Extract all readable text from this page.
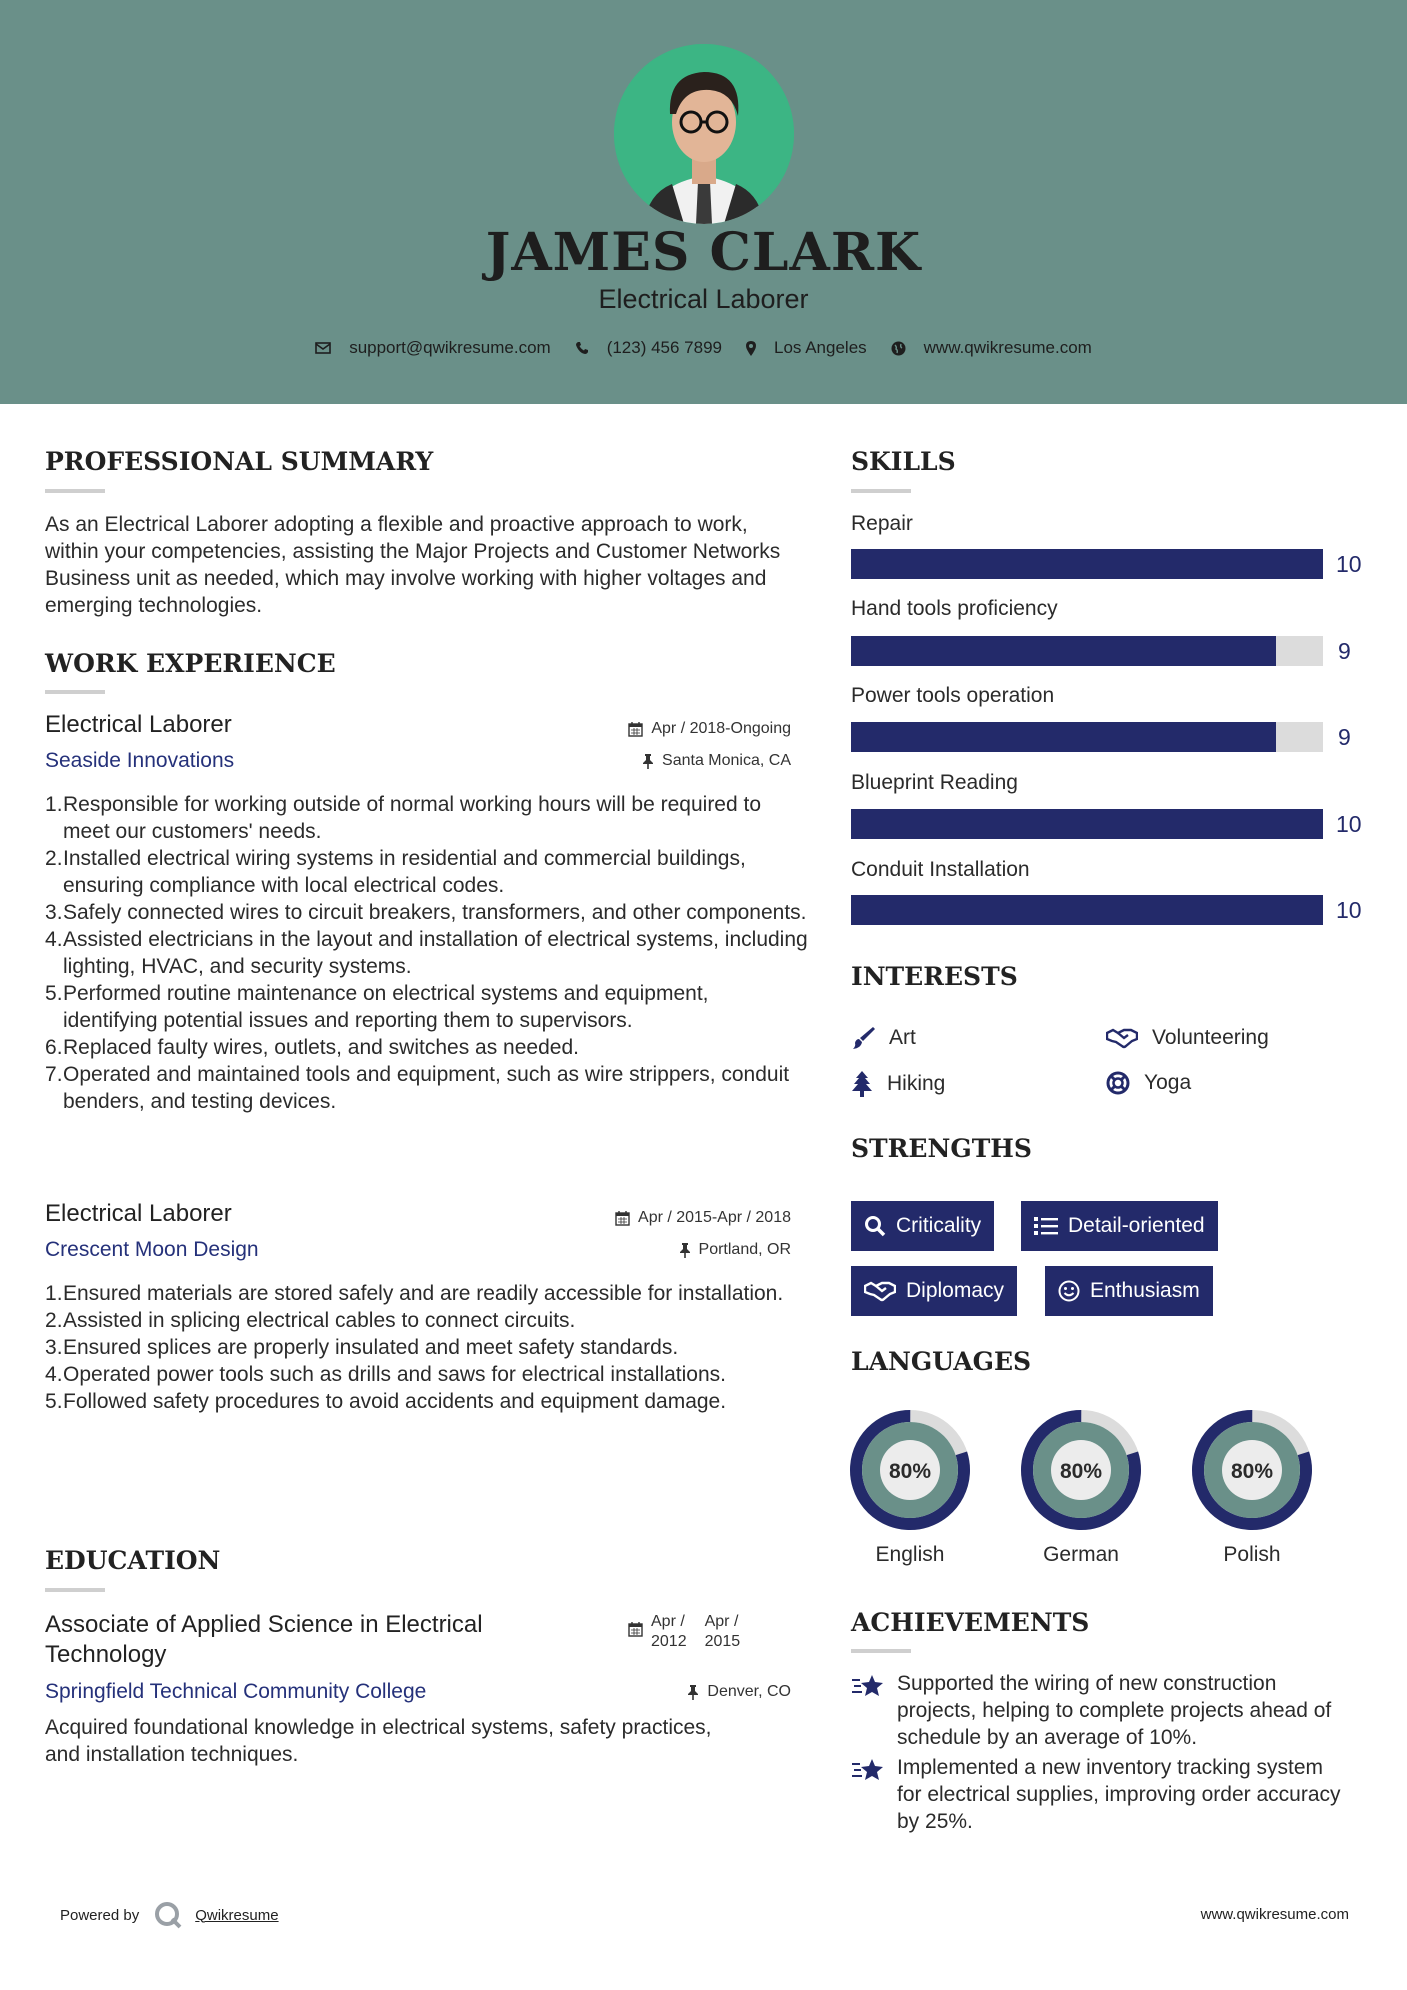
JAMES CLARK
Electrical Laborer
support@qwikresume.com	(123) 456 7899	Los Angeles	www.qwikresume.com
PROFESSIONAL SUMMARY
As an Electrical Laborer adopting a flexible and proactive approach to work, within your competencies, assisting the Major Projects and Customer Networks Business unit as needed, which may involve working with higher voltages and emerging technologies.
WORK EXPERIENCE
Electrical Laborer	Apr / 2018-Ongoing
Seaside Innovations	Santa Monica, CA
Responsible for working outside of normal working hours will be required to meet our customers' needs.
Installed electrical wiring systems in residential and commercial buildings, ensuring compliance with local electrical codes.
Safely connected wires to circuit breakers, transformers, and other components.
Assisted electricians in the layout and installation of electrical systems, including lighting, HVAC, and security systems.
Performed routine maintenance on electrical systems and equipment, identifying potential issues and reporting them to supervisors.
Replaced faulty wires, outlets, and switches as needed.
Operated and maintained tools and equipment, such as wire strippers, conduit benders, and testing devices.
Electrical Laborer	Apr / 2015-Apr / 2018
Crescent Moon Design	Portland, OR
Ensured materials are stored safely and are readily accessible for installation.
Assisted in splicing electrical cables to connect circuits.
Ensured splices are properly insulated and meet safety standards.
Operated power tools such as drills and saws for electrical installations.
Followed safety procedures to avoid accidents and equipment damage.
EDUCATION
Associate of Applied Science in Electrical
Technology
Apr /
2012
Apr /
2015
Springfield Technical Community College	Denver, CO
Acquired foundational knowledge in electrical systems, safety practices, and installation techniques.
SKILLS
Repair
10
Hand tools proficiency
9
Power tools operation
9
Blueprint Reading
10
Conduit Installation
10
INTERESTS
Art	Volunteering
Hiking	Yoga
STRENGTHS
Criticality	Detail-oriented
Diplomacy	Enthusiasm
LANGUAGES
80%
English
80%
German
80%
Polish
ACHIEVEMENTS
Supported the wiring of new construction projects, helping to complete projects ahead of schedule by an average of 10%.
Implemented a new inventory tracking system for electrical supplies, improving order accuracy by 25%.
Powered by	Qwikresume	www.qwikresume.com
